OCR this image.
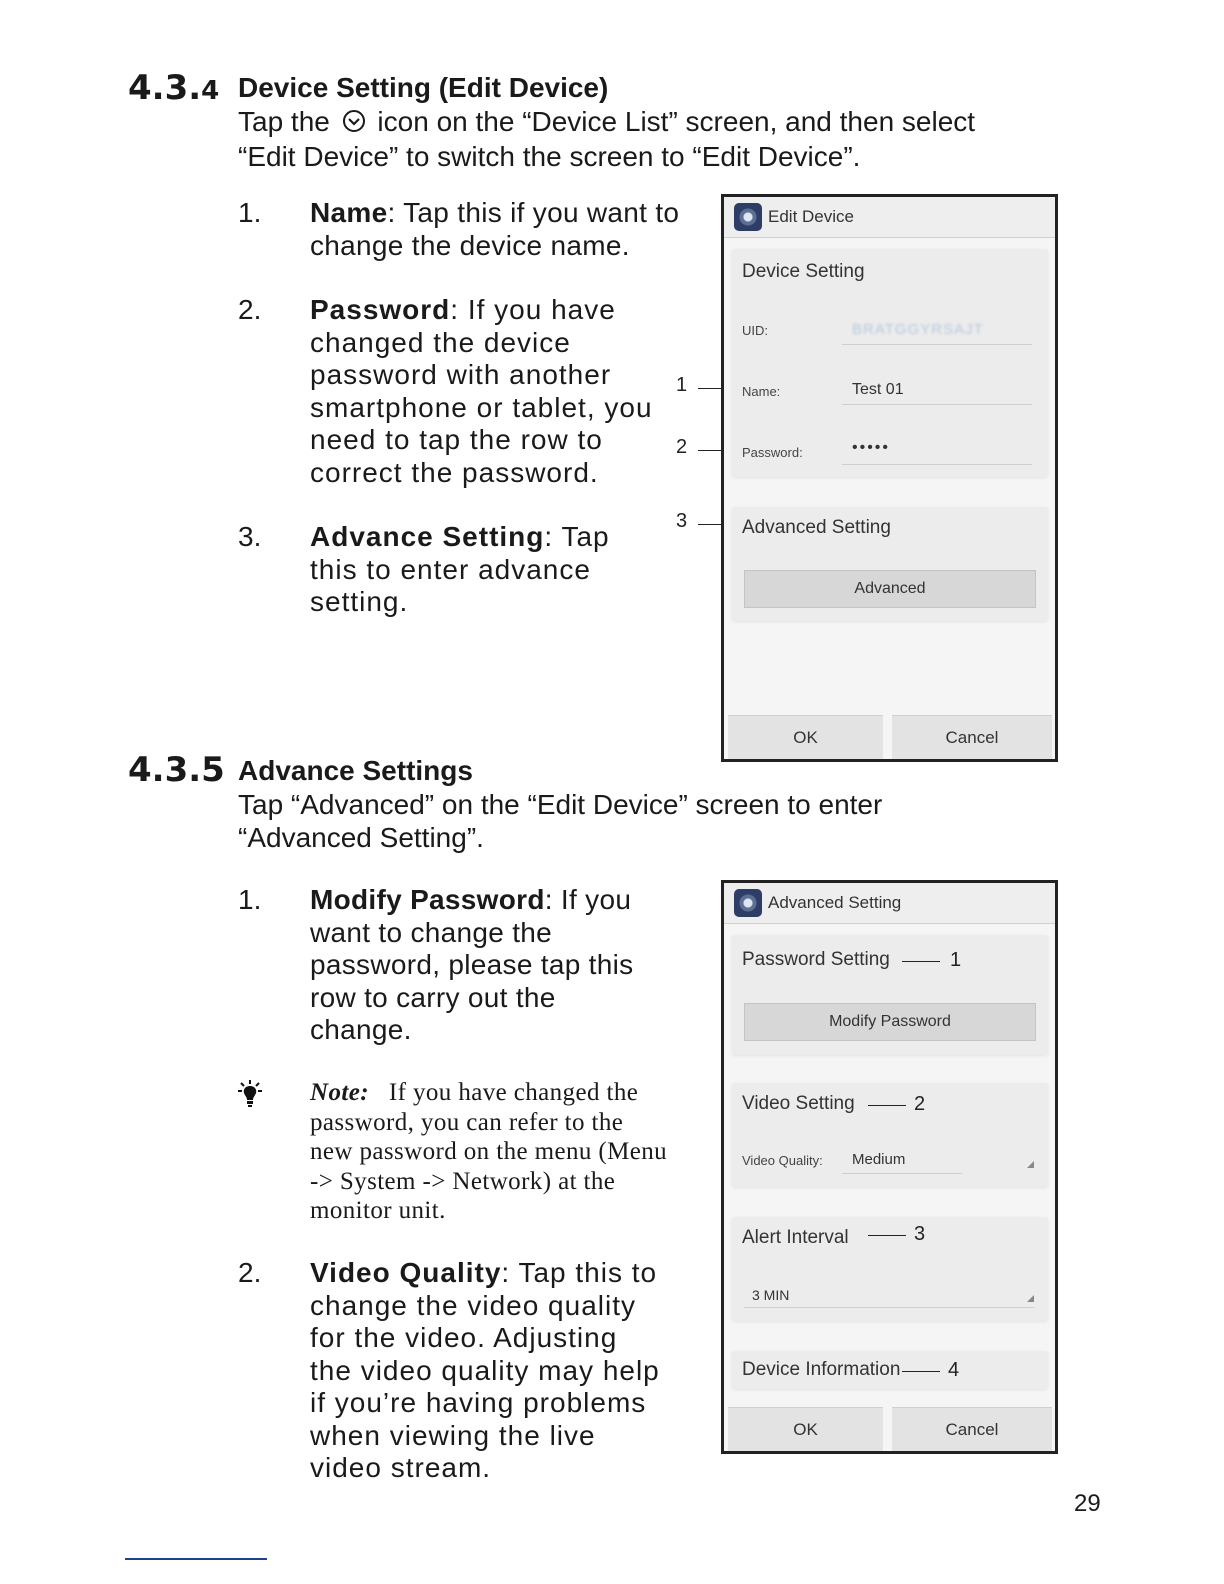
4.3.4 Device Setting (Edit Device)
Tap the icon on the “Device List” screen, and then select
“Edit Device” to switch the screen to “Edit Device”.
1. Name: Tap this if you want to change the device name.
2. Password: If you have changed the device password with another smartphone or tablet, you need to tap the row to correct the password.
3. Advance Setting: Tap this to enter advance setting.
1
2
3
Edit Device
Device Setting
UID:	BRATGGYRSAJT
Name:	Test 01
Password:	•••••
Advanced Setting
Advanced
OK	Cancel
4.3.5 Advance Settings
Tap “Advanced” on the “Edit Device” screen to enter
“Advanced Setting”.
1. Modify Password: If you want to change the password, please tap this row to carry out the change.
Note: If you have changed the password, you can refer to the new password on the menu (Menu -> System -> Network) at the monitor unit.
2. Video Quality: Tap this to change the video quality for the video. Adjusting the video quality may help if you’re having problems when viewing the live video stream.
Advanced Setting
Password Setting
Modify Password
1
Video Setting
Video Quality: Medium
2
Alert Interval
3 MIN
3
Device Information 4
OK	Cancel
29
